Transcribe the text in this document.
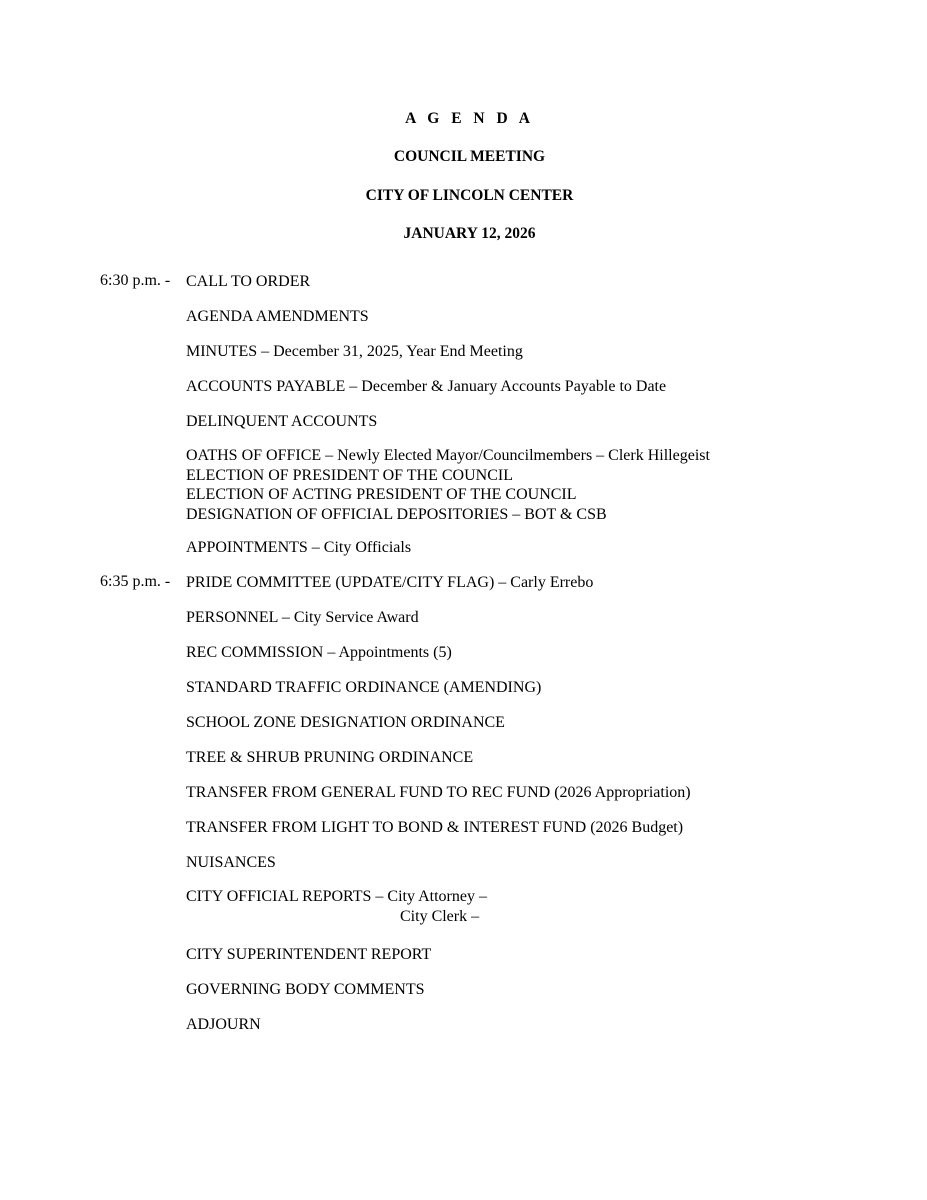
A G E N D A
COUNCIL MEETING
CITY OF LINCOLN CENTER
JANUARY 12, 2026
6:30 p.m. - CALL TO ORDER
AGENDA AMENDMENTS
MINUTES – December 31, 2025, Year End Meeting
ACCOUNTS PAYABLE – December & January Accounts Payable to Date
DELINQUENT ACCOUNTS
OATHS OF OFFICE – Newly Elected Mayor/Councilmembers – Clerk Hillegeist
ELECTION OF PRESIDENT OF THE COUNCIL
ELECTION OF ACTING PRESIDENT OF THE COUNCIL
DESIGNATION OF OFFICIAL DEPOSITORIES – BOT & CSB
APPOINTMENTS – City Officials
6:35 p.m. - PRIDE COMMITTEE (UPDATE/CITY FLAG) – Carly Errebo
PERSONNEL – City Service Award
REC COMMISSION – Appointments (5)
STANDARD TRAFFIC ORDINANCE (AMENDING)
SCHOOL ZONE DESIGNATION ORDINANCE
TREE & SHRUB PRUNING ORDINANCE
TRANSFER FROM GENERAL FUND TO REC FUND (2026 Appropriation)
TRANSFER FROM LIGHT TO BOND & INTEREST FUND (2026 Budget)
NUISANCES
CITY OFFICIAL REPORTS – City Attorney –
City Clerk –
CITY SUPERINTENDENT REPORT
GOVERNING BODY COMMENTS
ADJOURN
